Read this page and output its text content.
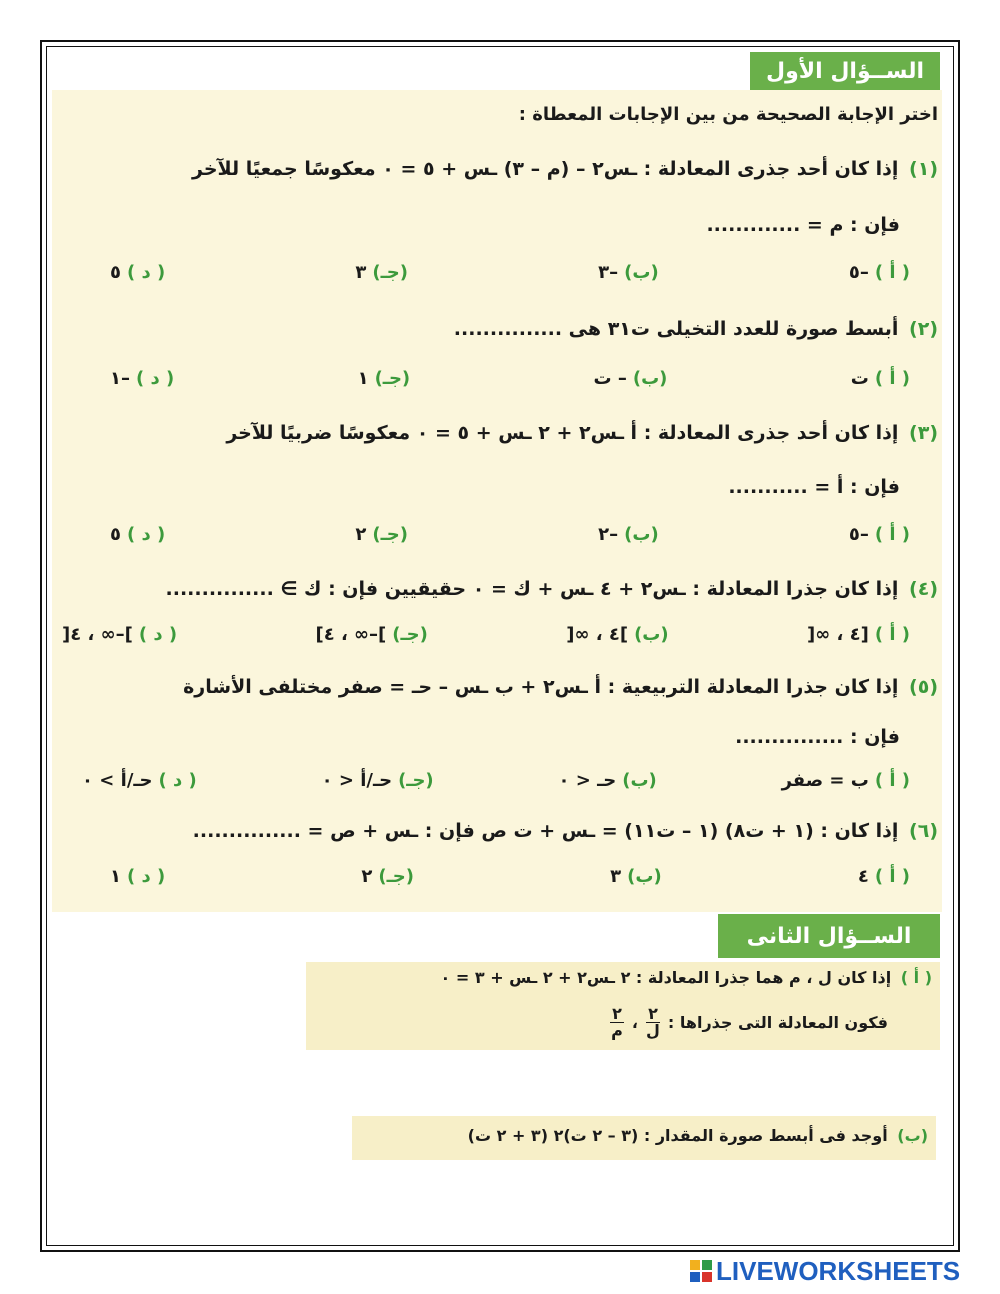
الســؤال الأول
اختر الإجابة الصحيحة من بين الإجابات المعطاة :
(١) إذا كان أحد جذرى المعادلة : ـس٢ – (م – ٣) ـس + ٥ = ٠ معكوسًا جمعيًا للآخر
فإن : م = .............
( أ )
–٥
(ب)
–٣
(جـ)
٣
( د )
٥
(٢) أبسط صورة للعدد التخيلى ت٣١ هى ...............
( أ )
ت
(ب)
– ت
(جـ)
١
( د )
–١
(٣) إذا كان أحد جذرى المعادلة : أ ـس٢ + ٢ ـس + ٥ = ٠ معكوسًا ضربيًا للآخر
فإن : أ = ...........
( أ )
–٥
(ب)
–٢
(جـ)
٢
( د )
٥
(٤) إذا كان جذرا المعادلة : ـس٢ + ٤ ـس + ك = ٠ حقيقيين فإن : ك ∋ ...............
( أ )
[٤ ، ∞[
(ب)
]٤ ، ∞[
(جـ)
]–∞ ، ٤]
( د )
]–∞ ، ٤[
(٥) إذا كان جذرا المعادلة التربيعية : أ ـس٢ + ب ـس – حـ = صفر مختلفى الأشارة
فإن : ...............
( أ )
ب = صفر
(ب)
حـ < ٠
(جـ)
حـ/أ < ٠
( د )
حـ/أ > ٠
(٦) إذا كان : (١ + ت٨) (١ – ت١١) = ـس + ت ص فإن : ـس + ص = ...............
( أ )
٤
(ب)
٣
(جـ)
٢
( د )
١
الســؤال الثانى
( أ ) إذا كان ل ، م هما جذرا المعادلة : ٢ ـس٢ + ٢ ـس + ٣ = ٠
فكون المعادلة التى جذراها :
٢
ل
،
٢
م
(ب) أوجد فى أبسط صورة المقدار : (٣ – ٢ ت)٢ (٣ + ٢ ت)
LIVEWORKSHEETS
